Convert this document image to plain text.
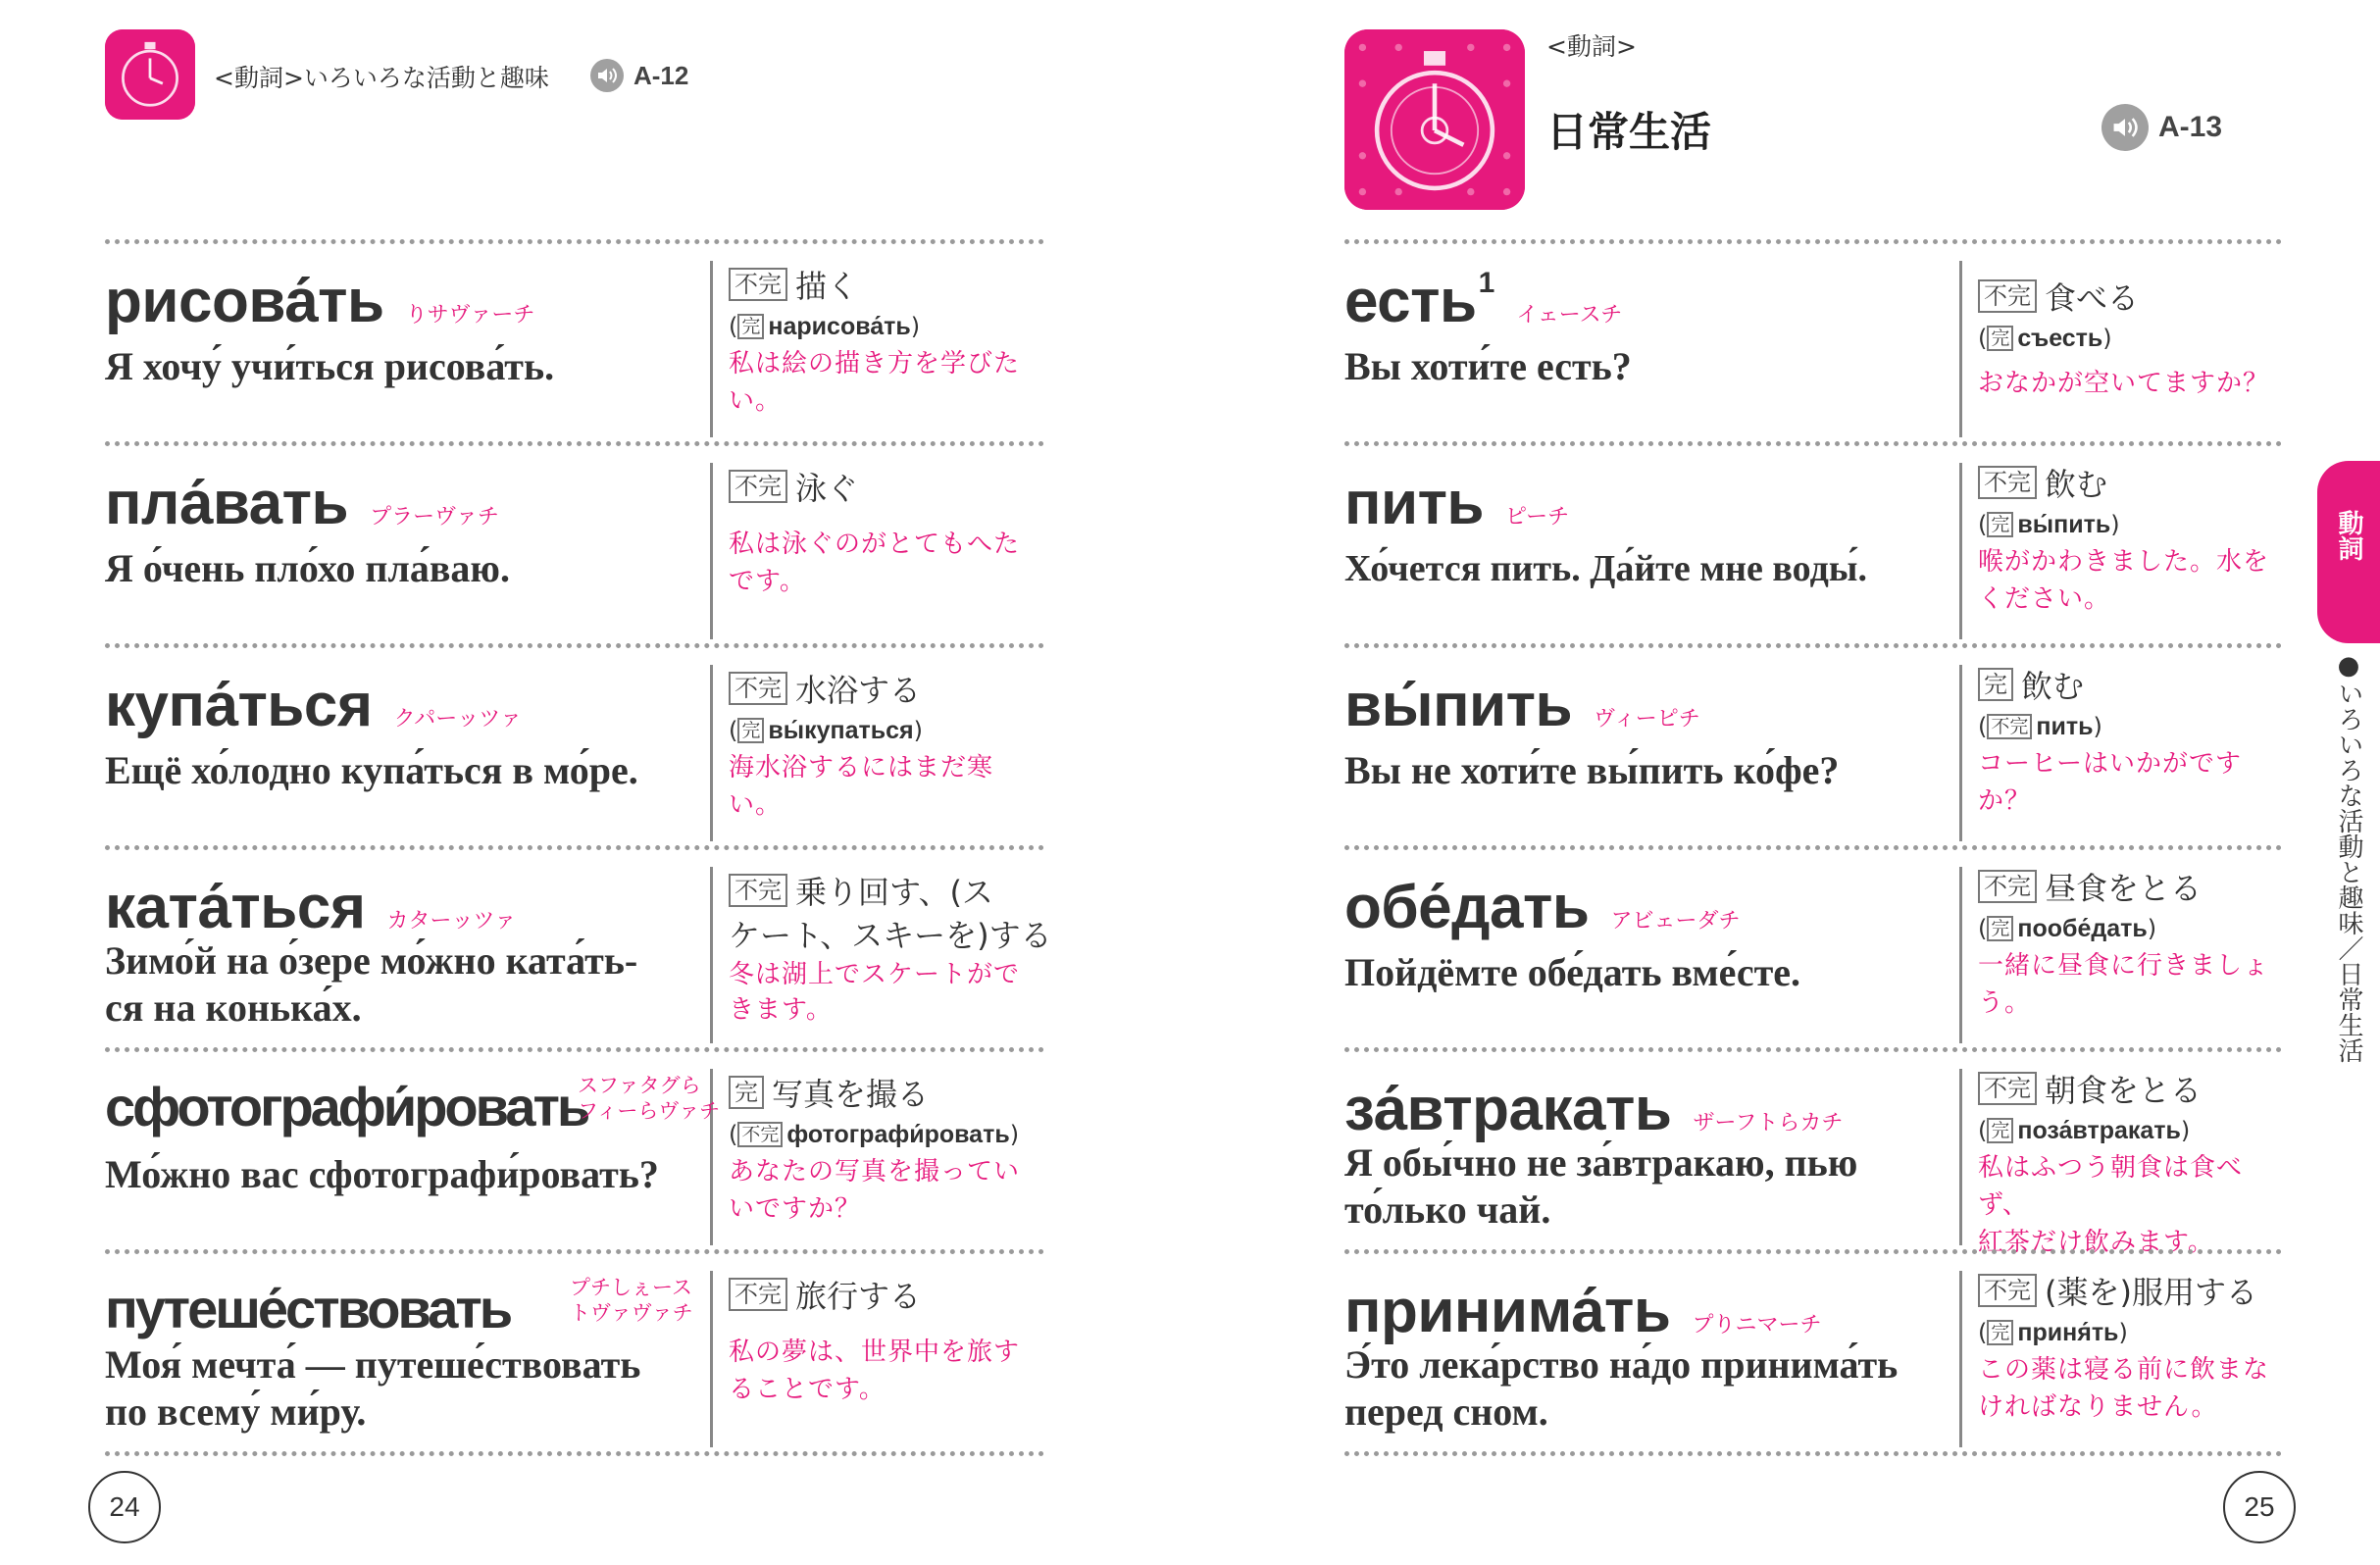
<動詞>いろいろな活動と趣味	A-12
рисова́ть りサヴァーチ
Я хочу́ учи́ться рисова́ть.
不完 描く
( 完 нарисова́ть )
私は絵の描き方を学びた
い。
пла́вать プラーヴァチ
Я о́чень пло́хо пла́ваю.
不完 泳ぐ
私は泳ぐのがとてもへた
です。
купа́ться クパーッツァ
Ещё хо́лодно купа́ться в мо́ре.
不完 水浴する
( 完 вы́купаться )
海水浴するにはまだ寒い。
ката́ться カターッツァ
Зимо́й на о́зере мо́жно ката́ть-
ся на конька́х.
不完 乗り回す、(ス
ケート、スキーを)する
冬は湖上でスケートがで
きます。
сфотографи́ровать
スファタグら
フィーらヴァチ
Мо́жно вас сфотографи́ровать?
完 写真を撮る
( 不完 фотографи́ровать )
あなたの写真を撮ってい
いですか？
путеше́ствовать	プチしぇース
トヴァヴァチ
Моя́ мечта́ — путеше́ствовать
по всему́ ми́ру.
不完 旅行する
私の夢は、世界中を旅す
ることです。
24
<動詞>
日常生活	A-13
есть 1
イェースチ
Вы хоти́те есть?
不完 食べる
( 完 съесть )
おなかが空いてますか？
пить ピーチ
Хо́чется пить. Да́йте мне воды́.
不完 飲む
( 完 вы́пить )
喉がかわきました。水を
ください。
вы́пить ヴィーピチ
Вы не хоти́те вы́пить ко́фе?
完 飲む
( 不完 пить )
コーヒーはいかがです
か？
обе́дать アビェーダチ
Пойдёмте обе́дать вме́сте.
不完 昼食をとる
( 完 пообе́дать )
一緒に昼食に行きましょ
う。
за́втракать ザーフトらカチ
Я обы́чно не за́втракаю, пью
то́лько чай.
不完 朝食をとる
( 完 поза́втракать )
私はふつう朝食は食べず、
紅茶だけ飲みます。
принима́ть プりニマーチ
Э́то лека́рство на́до принима́ть
перед сном.
不完 (薬を)服用する
( 完 приня́ть )
この薬は寝る前に飲まな
ければなりません。
25
動詞
●いろいろな活動と趣味／日常生活
